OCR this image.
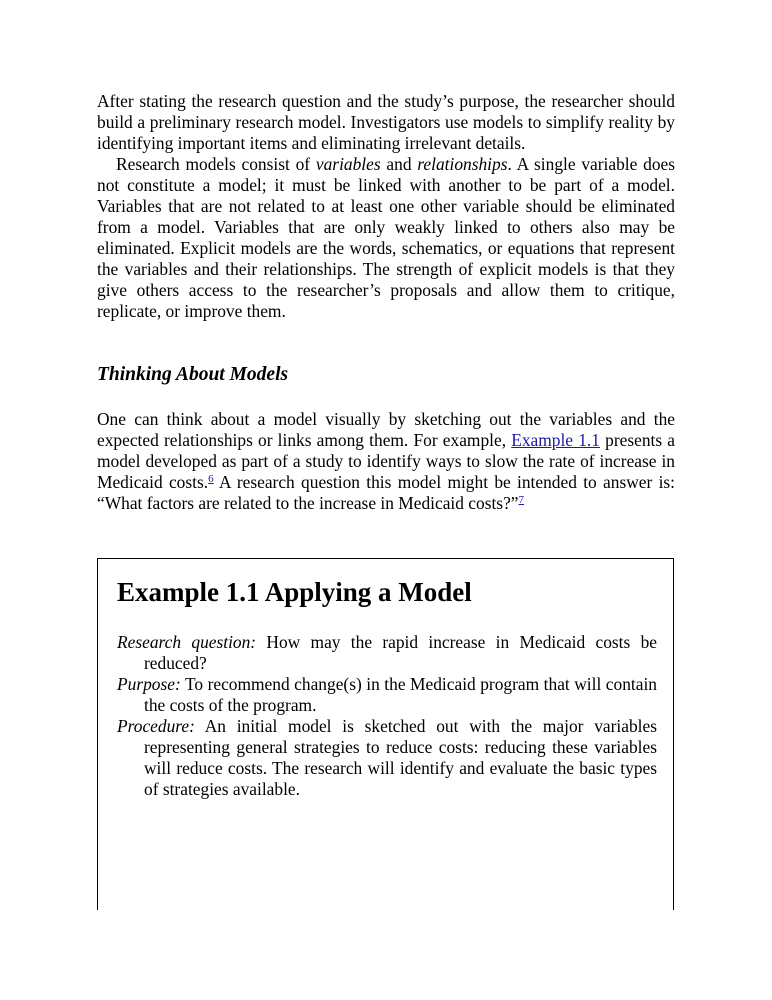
After stating the research question and the study’s purpose, the researcher should build a preliminary research model. Investigators use models to simplify reality by identifying important items and eliminating irrelevant details.

Research models consist of variables and relationships. A single variable does not constitute a model; it must be linked with another to be part of a model. Variables that are not related to at least one other variable should be eliminated from a model. Variables that are only weakly linked to others also may be eliminated. Explicit models are the words, schematics, or equations that represent the variables and their relationships. The strength of explicit models is that they give others access to the researcher’s proposals and allow them to critique, replicate, or improve them.

Thinking About Models

One can think about a model visually by sketching out the variables and the expected relationships or links among them. For example, Example 1.1 presents a model developed as part of a study to identify ways to slow the rate of increase in Medicaid costs.$^6$ A research question this model might be intended to answer is: “What factors are related to the increase in Medicaid costs?”$^7$

Example 1.1 Applying a Model

Research question: How may the rapid increase in Medicaid costs be reduced?

Purpose: To recommend change(s) in the Medicaid program that will contain the costs of the program.

Procedure: An initial model is sketched out with the major variables representing general strategies to reduce costs: reducing these variables will reduce costs. The research will identify and evaluate the basic types of strategies available.
